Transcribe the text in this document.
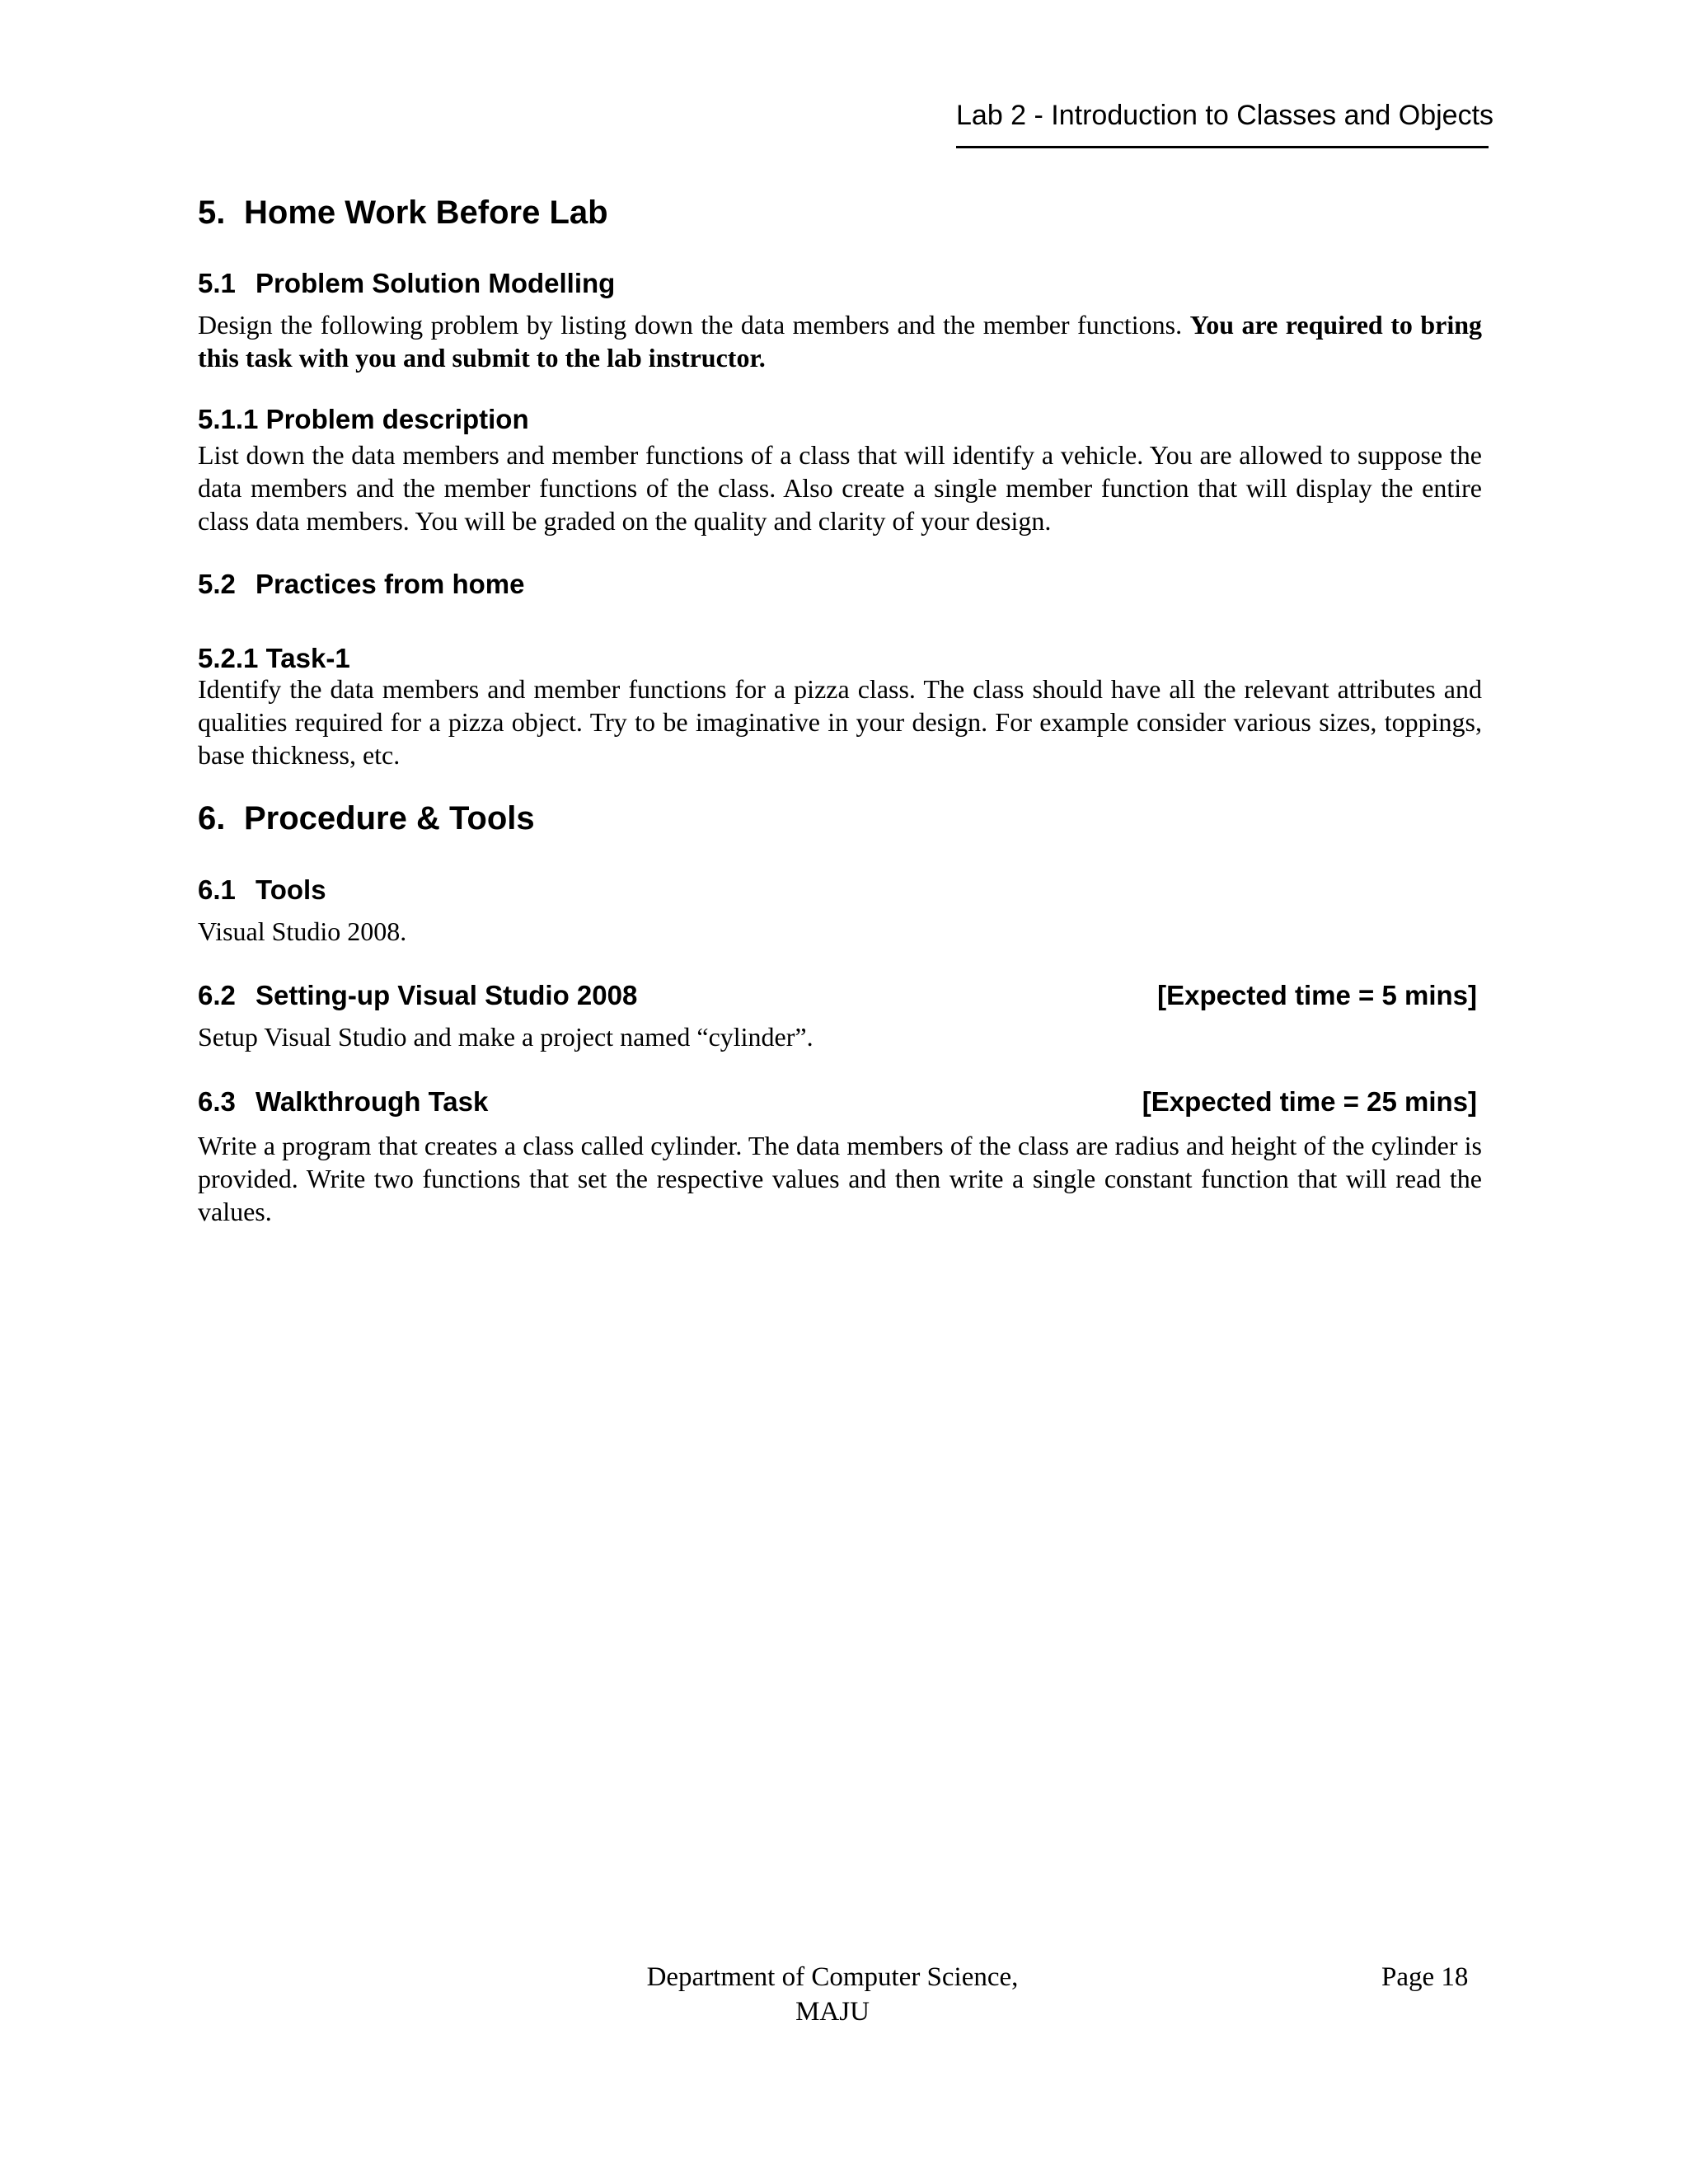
Lab 2 - Introduction to Classes and Objects
5. Home Work Before Lab
5.1 Problem Solution Modelling
Design the following problem by listing down the data members and the member functions. You are required to bring this task with you and submit to the lab instructor.
5.1.1 Problem description
List down the data members and member functions of a class that will identify a vehicle. You are allowed to suppose the data members and the member functions of the class. Also create a single member function that will display the entire class data members. You will be graded on the quality and clarity of your design.
5.2 Practices from home
5.2.1 Task-1
Identify the data members and member functions for a pizza class. The class should have all the relevant attributes and qualities required for a pizza object. Try to be imaginative in your design. For example consider various sizes, toppings, base thickness, etc.
6. Procedure & Tools
6.1 Tools
Visual Studio 2008.
6.2 Setting-up Visual Studio 2008	[Expected time = 5 mins]
Setup Visual Studio and make a project named “cylinder”.
6.3 Walkthrough Task	[Expected time = 25 mins]
Write a program that creates a class called cylinder. The data members of the class are radius and height of the cylinder is provided. Write two functions that set the respective values and then write a single constant function that will read the values.
Department of Computer Science,
MAJU
Page 18
